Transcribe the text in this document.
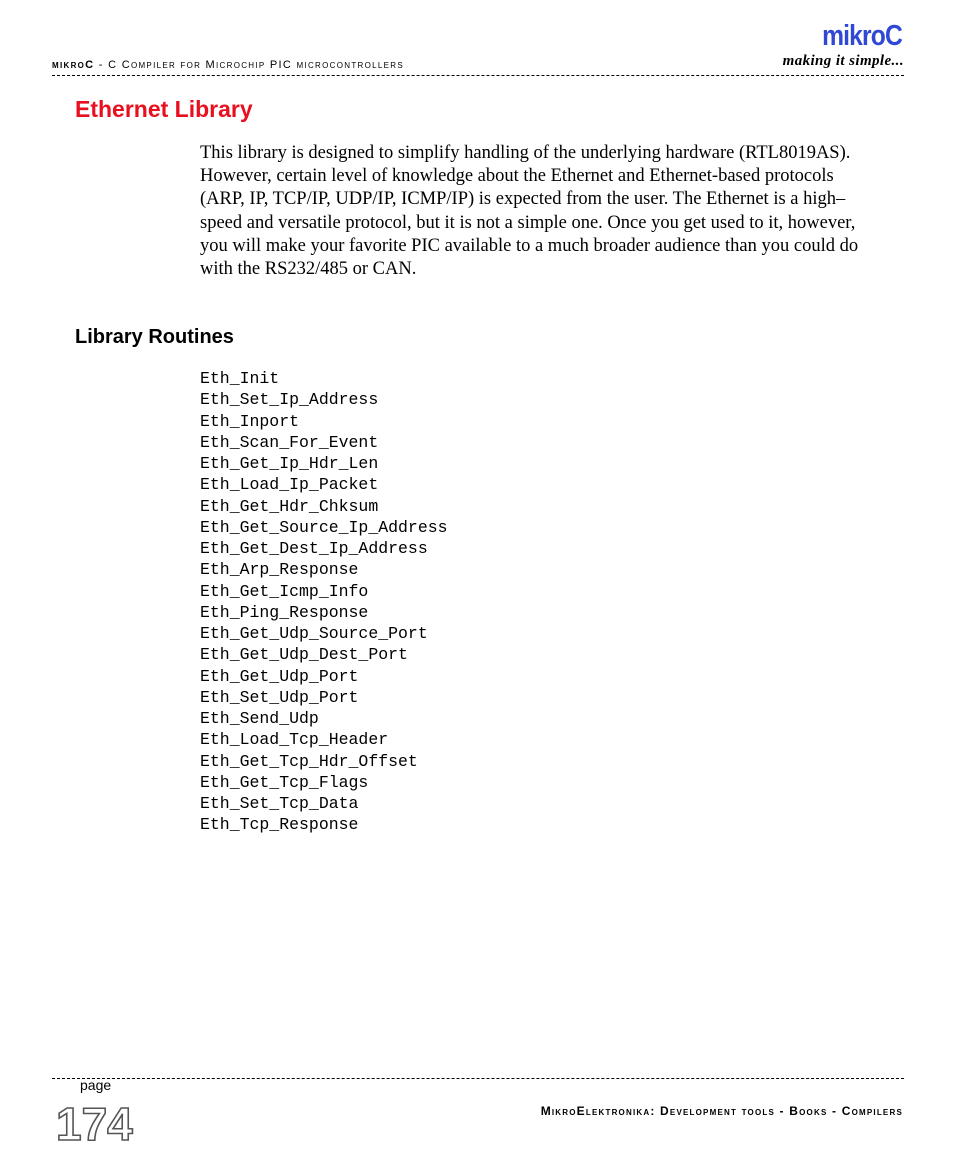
mikroC - C Compiler for Microchip PIC microcontrollers
mikroC
making it simple...
Ethernet Library

This library is designed to simplify handling of the underlying hardware (RTL8019AS). However, certain level of knowledge about the Ethernet and Ethernet-based protocols (ARP, IP, TCP/IP, UDP/IP, ICMP/IP) is expected from the user. The Ethernet is a high–speed and versatile protocol, but it is not a simple one. Once you get used to it, however, you will make your favorite PIC available to a much broader audience than you could do with the RS232/485 or CAN.

Library Routines
Eth_Init
Eth_Set_Ip_Address
Eth_Inport
Eth_Scan_For_Event
Eth_Get_Ip_Hdr_Len
Eth_Load_Ip_Packet
Eth_Get_Hdr_Chksum
Eth_Get_Source_Ip_Address
Eth_Get_Dest_Ip_Address
Eth_Arp_Response
Eth_Get_Icmp_Info
Eth_Ping_Response
Eth_Get_Udp_Source_Port
Eth_Get_Udp_Dest_Port
Eth_Get_Udp_Port
Eth_Set_Udp_Port
Eth_Send_Udp
Eth_Load_Tcp_Header
Eth_Get_Tcp_Hdr_Offset
Eth_Get_Tcp_Flags
Eth_Set_Tcp_Data
Eth_Tcp_Response
page
174	MikroElektronika: Development tools - Books - Compilers
